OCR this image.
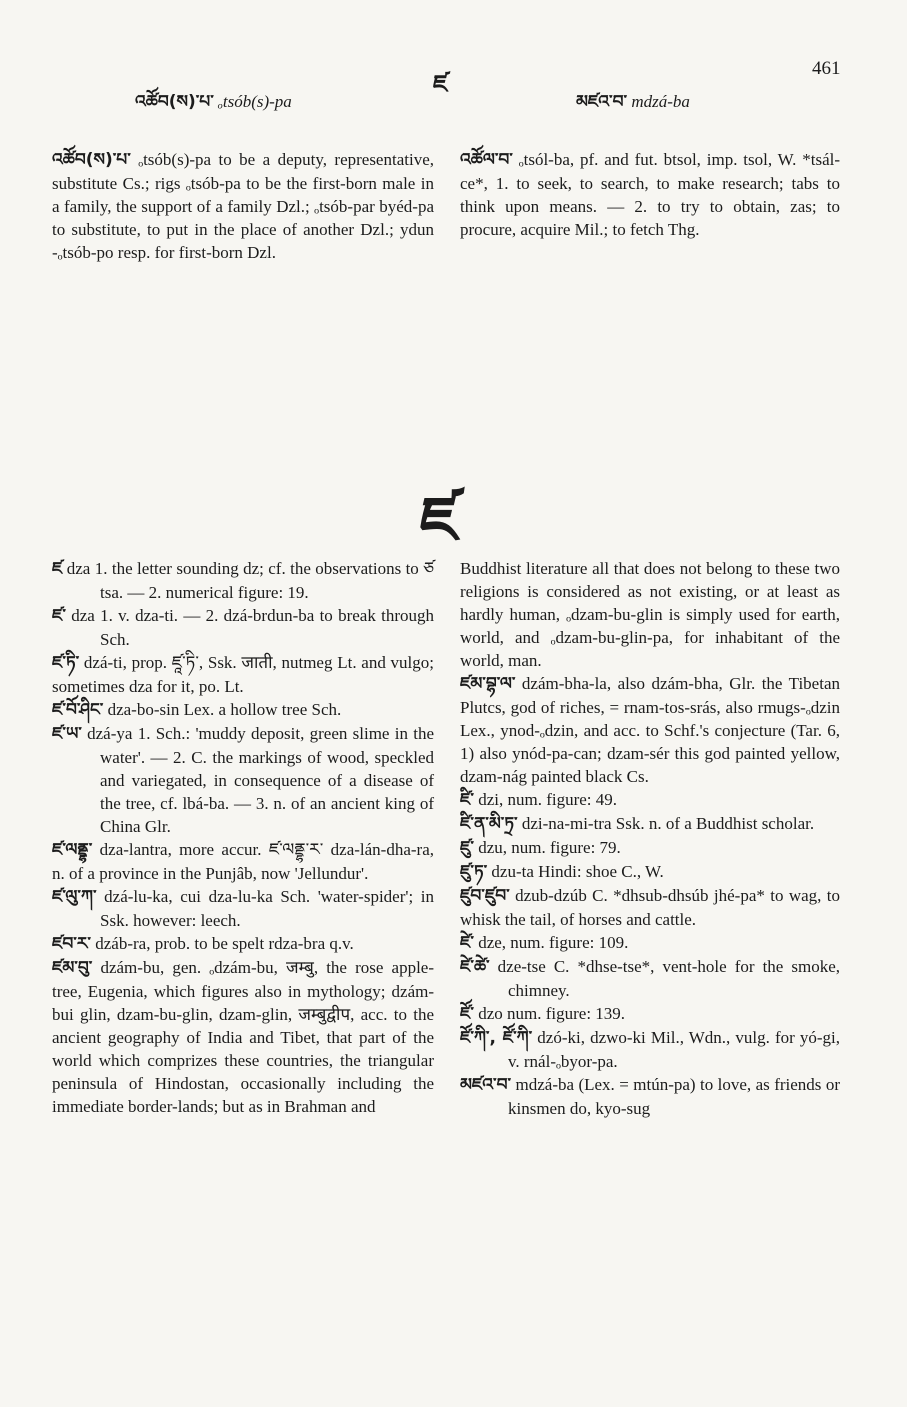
འཚོབ(ས)་པ་ ₒtsób(s)-pa
ཛ
མཛའ་བ་ mdzá-ba
461

འཚོབ(ས)་པ་ ₒtsób(s)-pa to be a deputy, representative, substitute Cs.; rigs ₒtsób-pa to be the first-born male in a family, the support of a family Dzl.; ₒtsób-par byéd-pa to substitute, to put in the place of another Dzl.; ydun -ₒtsób-po resp. for first-born Dzl.

འཚོལ་བ་ ₒtsól-ba, pf. and fut. btsol, imp. tsol, W. *tsál-ce*, 1. to seek, to search, to make research; tabs to think upon means. — 2. to try to obtain, zas; to procure, acquire Mil.; to fetch Thg.

ཛ

ཛ dza 1. the letter sounding dz; cf. the observations to ཙ tsa. — 2. numerical figure: 19.

ཛ་ dza 1. v. dza-ti. — 2. dzá-brdun-ba to break through Sch.

ཛ་ཏི་ dzá-ti, prop. ཛཱ་ཏི་, Ssk. जाती, nutmeg Lt. and vulgo; sometimes dza for it, po. Lt.

ཛ་བོ་ཤིང་ dza-bo-sin Lex. a hollow tree Sch.

ཛ་ཡ་ dzá-ya 1. Sch.: 'muddy deposit, green slime in the water'. — 2. C. the markings of wood, speckled and variegated, in consequence of a disease of the tree, cf. lbá-ba. — 3. n. of an ancient king of China Glr.

ཛ་ལནྡྷ་ dza-lantra, more accur. ཛ་ལནྡྷ་ར་ dza-lán-dha-ra, n. of a province in the Punjâb, now 'Jellundur'.

ཛ་ལུ་ཀ་ dzá-lu-ka, cui dza-lu-ka Sch. 'water-spider'; in Ssk. however: leech.

ཛབ་ར་ dzáb-ra, prob. to be spelt rdza-bra q.v.

ཛམ་བུ་ dzám-bu, gen. ₒdzám-bu, जम्बु, the rose apple-tree, Eugenia, which figures also in mythology; dzám-bui glin, dzam-bu-glin, dzam-glin, जम्बुद्वीप, acc. to the ancient geography of India and Tibet, that part of the world which comprizes these countries, the triangular peninsula of Hindostan, occasionally including the immediate border-lands; but as in Brahman and

Buddhist literature all that does not belong to these two religions is considered as not existing, or at least as hardly human, ₒdzam-bu-glin is simply used for earth, world, and ₒdzam-bu-glin-pa, for inhabitant of the world, man.

ཛམ་བྷ་ལ་ dzám-bha-la, also dzám-bha, Glr. the Tibetan Plutcs, god of riches, = rnam-tos-srás, also rmugs-ₒdzin Lex., ynod-ₒdzin, and acc. to Schf.'s conjecture (Tar. 6, 1) also ynód-pa-can; dzam-sér this god painted yellow, dzam-nág painted black Cs.

ཛི་ dzi, num. figure: 49.

ཛི་ན་མི་ཏྲ་ dzi-na-mi-tra Ssk. n. of a Buddhist scholar.

ཛུ་ dzu, num. figure: 79.

ཛུ་ཏ་ dzu-ta Hindi: shoe C., W.

ཛུབ་ཛུབ་ dzub-dzúb C. *dhsub-dhsúb jhé-pa* to wag, to whisk the tail, of horses and cattle.

ཛེ་ dze, num. figure: 109.

ཛེ་ཚེ་ dze-tse C. *dhse-tse*, vent-hole for the smoke, chimney.

ཛོ་ dzo num. figure: 139.

ཛོ་ཀི་, ཛོ་ཀི་ dzó-ki, dzwo-ki Mil., Wdn., vulg. for yó-gi, v. rnál-ₒbyor-pa.

མཛའ་བ་ mdzá-ba (Lex. = mtún-pa) to love, as friends or kinsmen do, kyo-sug
